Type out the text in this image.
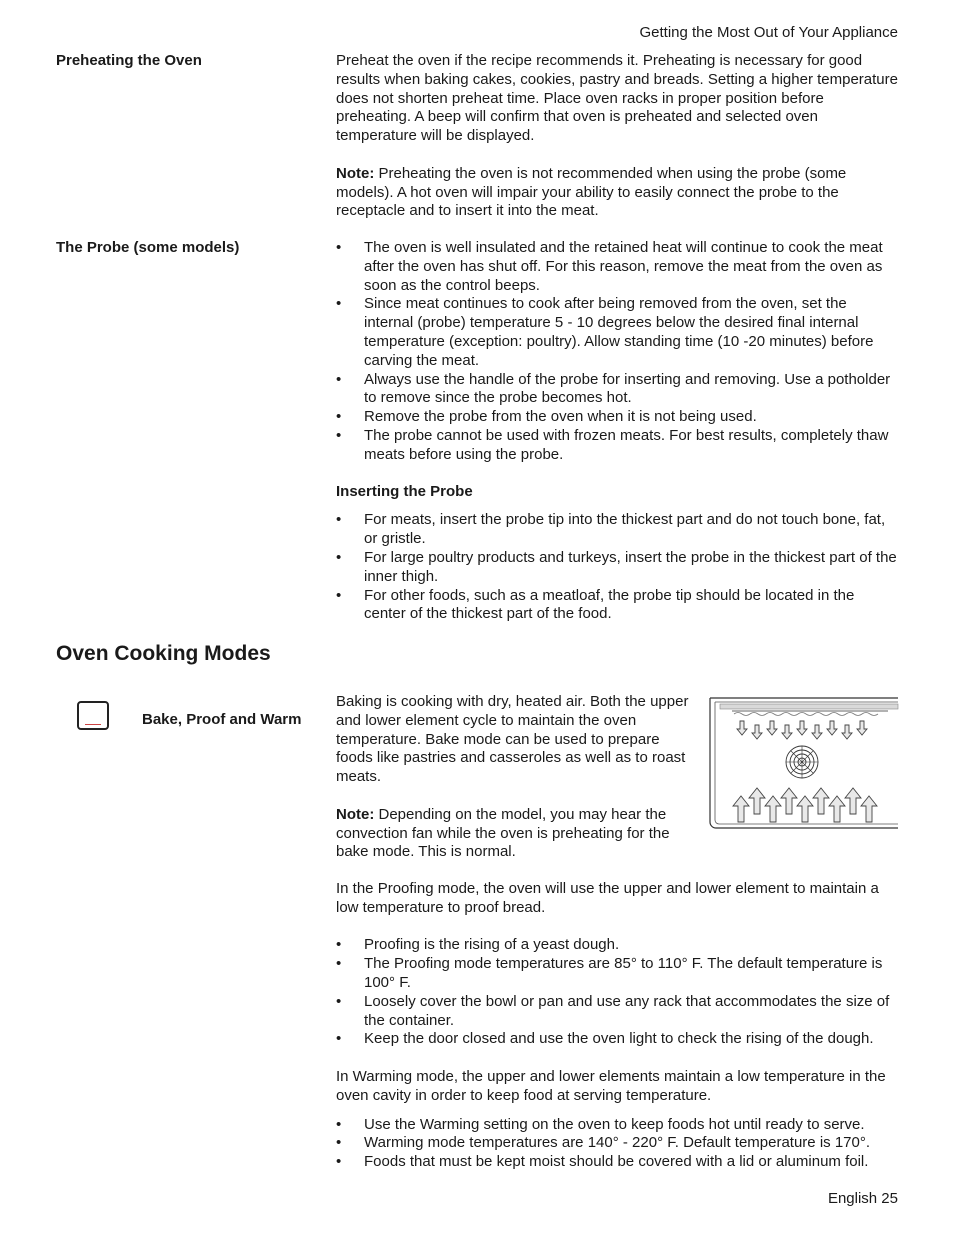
Getting the Most Out of Your Appliance
Preheating the Oven	Preheat the oven if the recipe recommends it. Preheating is necessary for good results when baking cakes, cookies, pastry and breads. Setting a higher temperature does not shorten preheat time. Place oven racks in proper position before preheating. A beep will confirm that oven is preheated and selected oven temperature will be displayed.

Note: Preheating the oven is not recommended when using the probe (some models). A hot oven will impair your ability to easily connect the probe to the receptacle and to insert it into the meat.

The Probe (some models)	• The oven is well insulated and the retained heat will continue to cook the meat after the oven has shut off. For this reason, remove the meat from the oven as soon as the control beeps.
• Since meat continues to cook after being removed from the oven, set the internal (probe) temperature 5 - 10 degrees below the desired final internal temperature (exception: poultry). Allow standing time (10 -20 minutes) before carving the meat.
• Always use the handle of the probe for inserting and removing. Use a potholder to remove since the probe becomes hot.
• Remove the probe from the oven when it is not being used.
• The probe cannot be used with frozen meats. For best results, completely thaw meats before using the probe.

Inserting the Probe

• For meats, insert the probe tip into the thickest part and do not touch bone, fat, or gristle.
• For large poultry products and turkeys, insert the probe in the thickest part of the inner thigh.
• For other foods, such as a meatloaf, the probe tip should be located in the center of the thickest part of the food.
Oven Cooking Modes
Bake, Proof and Warm

Baking is cooking with dry, heated air. Both the upper and lower element cycle to maintain the oven temperature. Bake mode can be used to prepare foods like pastries and casseroles as well as to roast meats.

Note: Depending on the model, you may hear the convection fan while the oven is preheating for the bake mode. This is normal.

In the Proofing mode, the oven will use the upper and lower element to maintain a low temperature to proof bread.

• Proofing is the rising of a yeast dough.
• The Proofing mode temperatures are 85° to 110° F. The default temperature is 100° F.
• Loosely cover the bowl or pan and use any rack that accommodates the size of the container.
• Keep the door closed and use the oven light to check the rising of the dough.

In Warming mode, the upper and lower elements maintain a low temperature in the oven cavity in order to keep food at serving temperature.

• Use the Warming setting on the oven to keep foods hot until ready to serve.
• Warming mode temperatures are 140° - 220° F. Default temperature is 170°.
• Foods that must be kept moist should be covered with a lid or aluminum foil.
English 25
